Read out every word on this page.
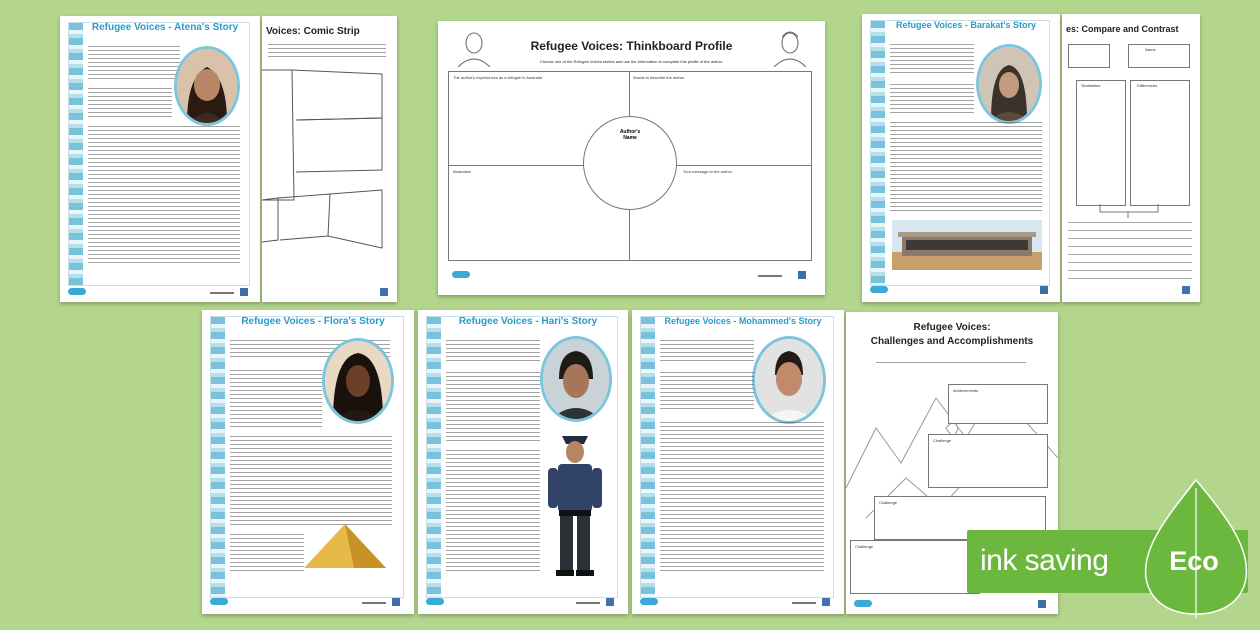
Refugee Voices - Atena's Story	Voices: Comic Strip
Refugee Voices: Thinkboard Profile
Choose one of the Refugee Voices stories and use the information to complete this profile of the author.
The author's experiences as a refugee in Australia	Words to describe the author
Illustration	Your message to the author
Author's
Name
Refugee Voices - Barakat's Story	es: Compare and Contrast
Name
Similarities	Differences
Refugee Voices - Flora's Story	Refugee Voices - Hari's Story	Refugee Voices - Mohammed's Story
Refugee Voices:
Challenges and Accomplishments
Achievements
Challenge
Challenge
Challenge	ink saving Eco
